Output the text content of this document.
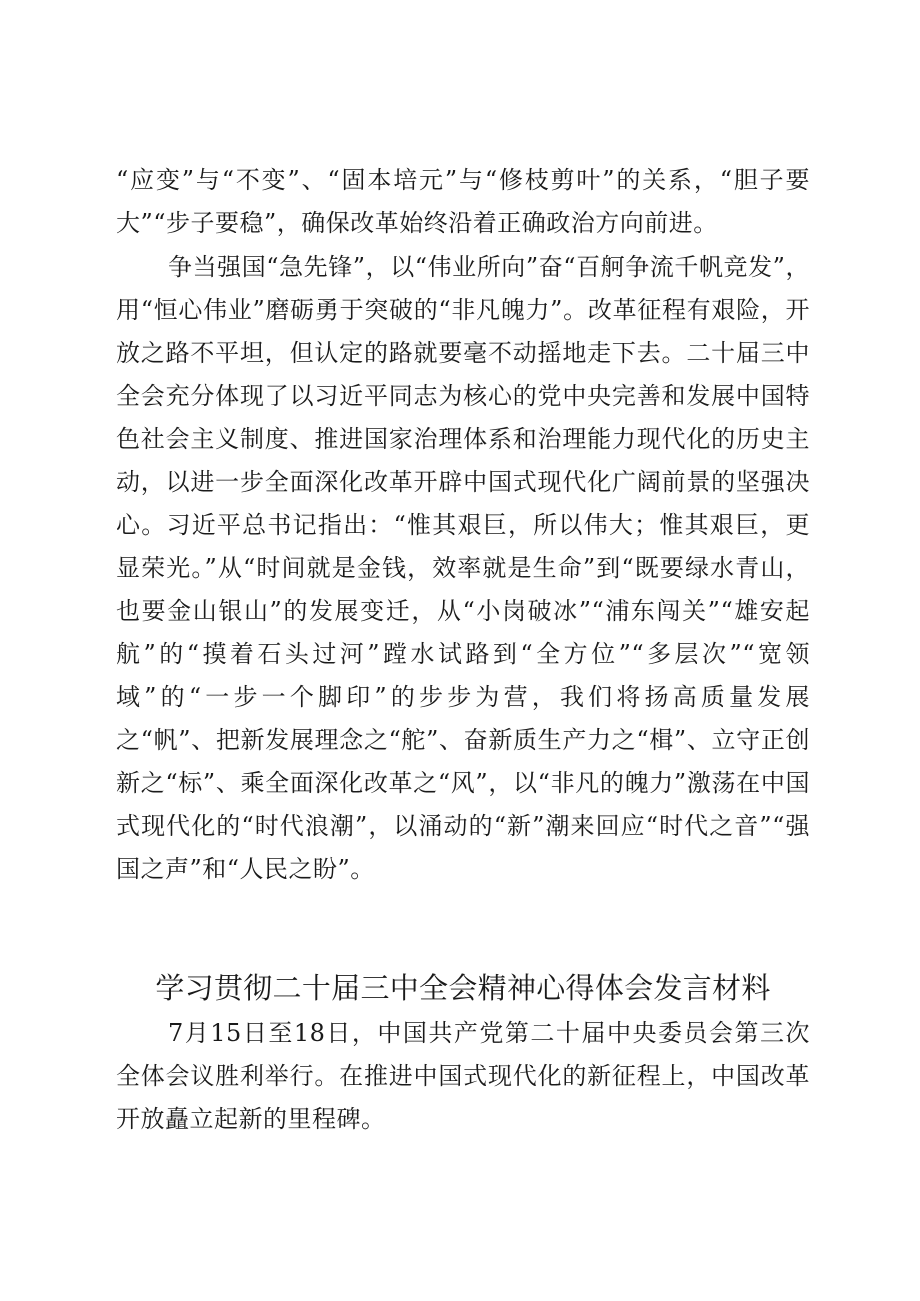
“应变”与“不变”、“固本培元”与“修枝剪叶”的关系，“胆子要大”“步子要稳”，确保改革始终沿着正确政治方向前进。

争当强国“急先锋”，以“伟业所向”奋“百舸争流千帆竞发”，用“恒心伟业”磨砺勇于突破的“非凡魄力”。改革征程有艰险，开放之路不平坦，但认定的路就要毫不动摇地走下去。二十届三中全会充分体现了以习近平同志为核心的党中央完善和发展中国特色社会主义制度、推进国家治理体系和治理能力现代化的历史主动，以进一步全面深化改革开辟中国式现代化广阔前景的坚强决心。习近平总书记指出：“惟其艰巨，所以伟大；惟其艰巨，更显荣光。”从“时间就是金钱，效率就是生命”到“既要绿水青山，也要金山银山”的发展变迁，从“小岗破冰”“浦东闯关”“雄安起航”的“摸着石头过河”蹚水试路到“全方位”“多层次”“宽领域”的“一步一个脚印”的步步为营，我们将扬高质量发展之“帆”、把新发展理念之“舵”、奋新质生产力之“楫”、立守正创新之“标”、乘全面深化改革之“风”，以“非凡的魄力”激荡在中国式现代化的“时代浪潮”，以涌动的“新”潮来回应“时代之音”“强国之声”和“人民之盼”。

学习贯彻二十届三中全会精神心得体会发言材料

7月15日至18日，中国共产党第二十届中央委员会第三次全体会议胜利举行。在推进中国式现代化的新征程上，中国改革开放矗立起新的里程碑。
